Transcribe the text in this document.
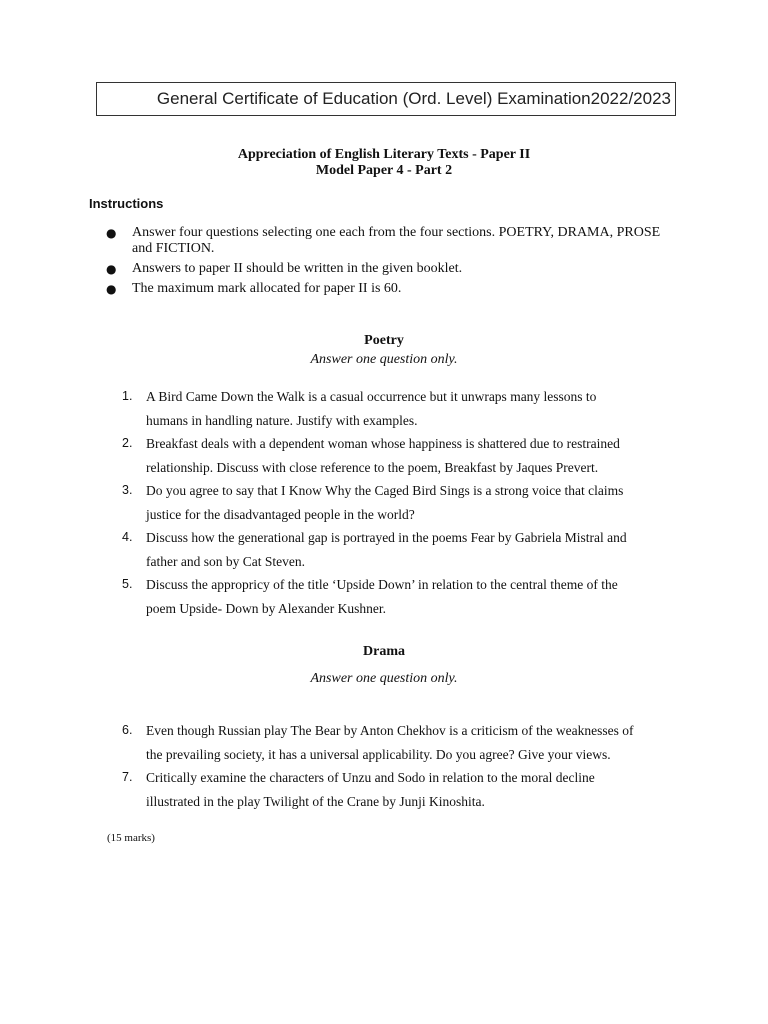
General Certificate of Education (Ord. Level) Examination2022/2023
Appreciation of English Literary Texts - Paper II
Model Paper 4 - Part 2
Instructions
●	Answer four questions selecting one each from the four sections. POETRY, DRAMA, PROSE and FICTION.
●	Answers to paper II should be written in the given booklet.
●	The maximum mark allocated for paper II is 60.
Poetry
Answer one question only.
1.	A Bird Came Down the Walk is a casual occurrence but it unwraps many lessons to
humans in handling nature. Justify with examples.
2.	Breakfast deals with a dependent woman whose happiness is shattered due to restrained
relationship. Discuss with close reference to the poem, Breakfast by Jaques Prevert.
3.	Do you agree to say that I Know Why the Caged Bird Sings is a strong voice that claims
justice for the disadvantaged people in the world?
4.	Discuss how the generational gap is portrayed in the poems Fear by Gabriela Mistral and
father and son by Cat Steven.
5.	Discuss the appropricy of the title ‘Upside Down’ in relation to the central theme of the
poem Upside- Down by Alexander Kushner.
Drama
Answer one question only.
6.	Even though Russian play The Bear by Anton Chekhov is a criticism of the weaknesses of
the prevailing society, it has a universal applicability. Do you agree? Give your views.
7.	Critically examine the characters of Unzu and Sodo in relation to the moral decline
illustrated in the play Twilight of the Crane by Junji Kinoshita.
(15 marks)
